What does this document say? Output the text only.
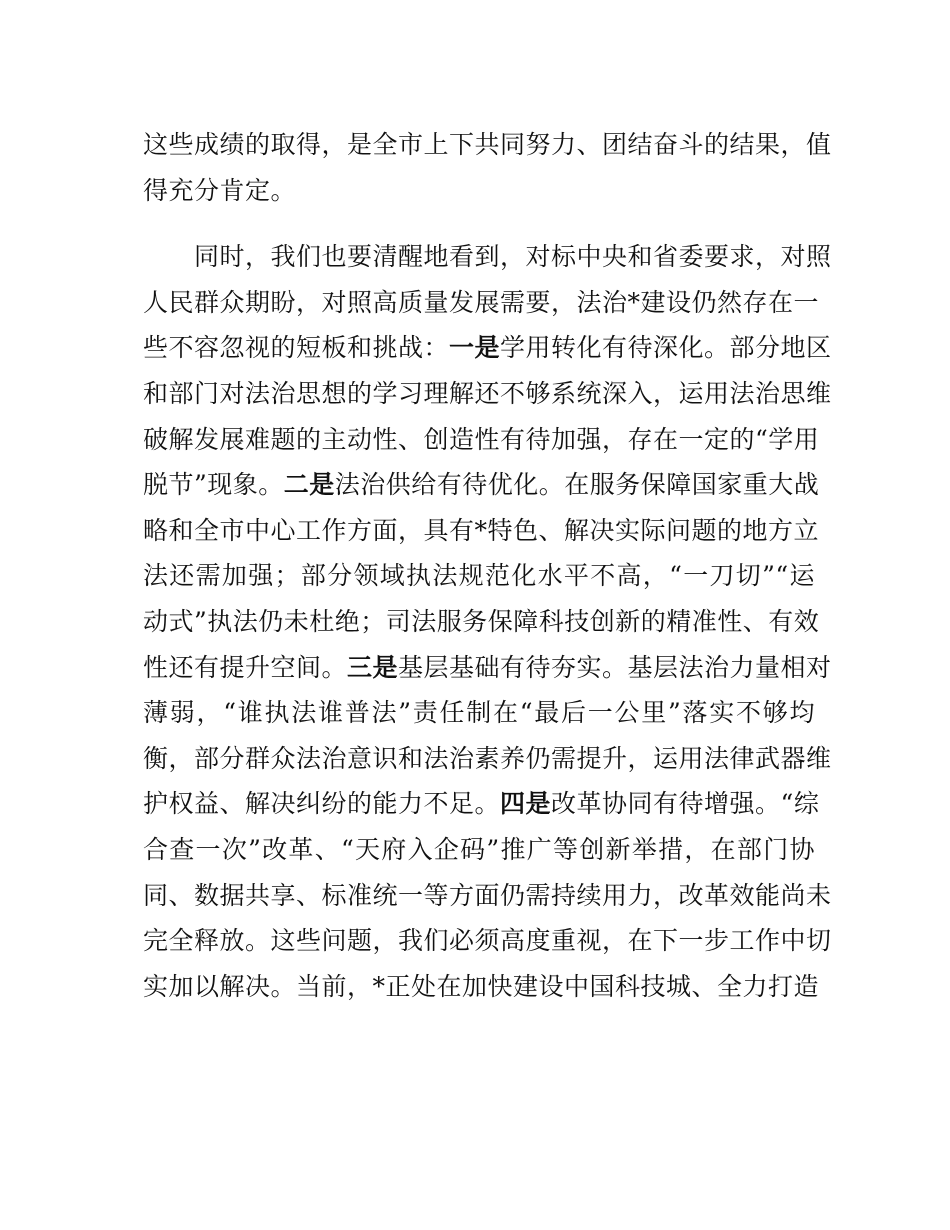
这些成绩的取得，是全市上下共同努力、团结奋斗的结果，值
得充分肯定。
　　同时，我们也要清醒地看到，对标中央和省委要求，对照
人民群众期盼，对照高质量发展需要，法治*建设仍然存在一
些不容忽视的短板和挑战：一是学用转化有待深化。部分地区
和部门对法治思想的学习理解还不够系统深入，运用法治思维
破解发展难题的主动性、创造性有待加强，存在一定的“学用
脱节”现象。二是法治供给有待优化。在服务保障国家重大战
略和全市中心工作方面，具有*特色、解决实际问题的地方立
法还需加强；部分领域执法规范化水平不高，“一刀切”“运
动式”执法仍未杜绝；司法服务保障科技创新的精准性、有效
性还有提升空间。三是基层基础有待夯实。基层法治力量相对
薄弱，“谁执法谁普法”责任制在“最后一公里”落实不够均
衡，部分群众法治意识和法治素养仍需提升，运用法律武器维
护权益、解决纠纷的能力不足。四是改革协同有待增强。“综
合查一次”改革、“天府入企码”推广等创新举措，在部门协
同、数据共享、标准统一等方面仍需持续用力，改革效能尚未
完全释放。这些问题，我们必须高度重视，在下一步工作中切
实加以解决。当前，*正处在加快建设中国科技城、全力打造
